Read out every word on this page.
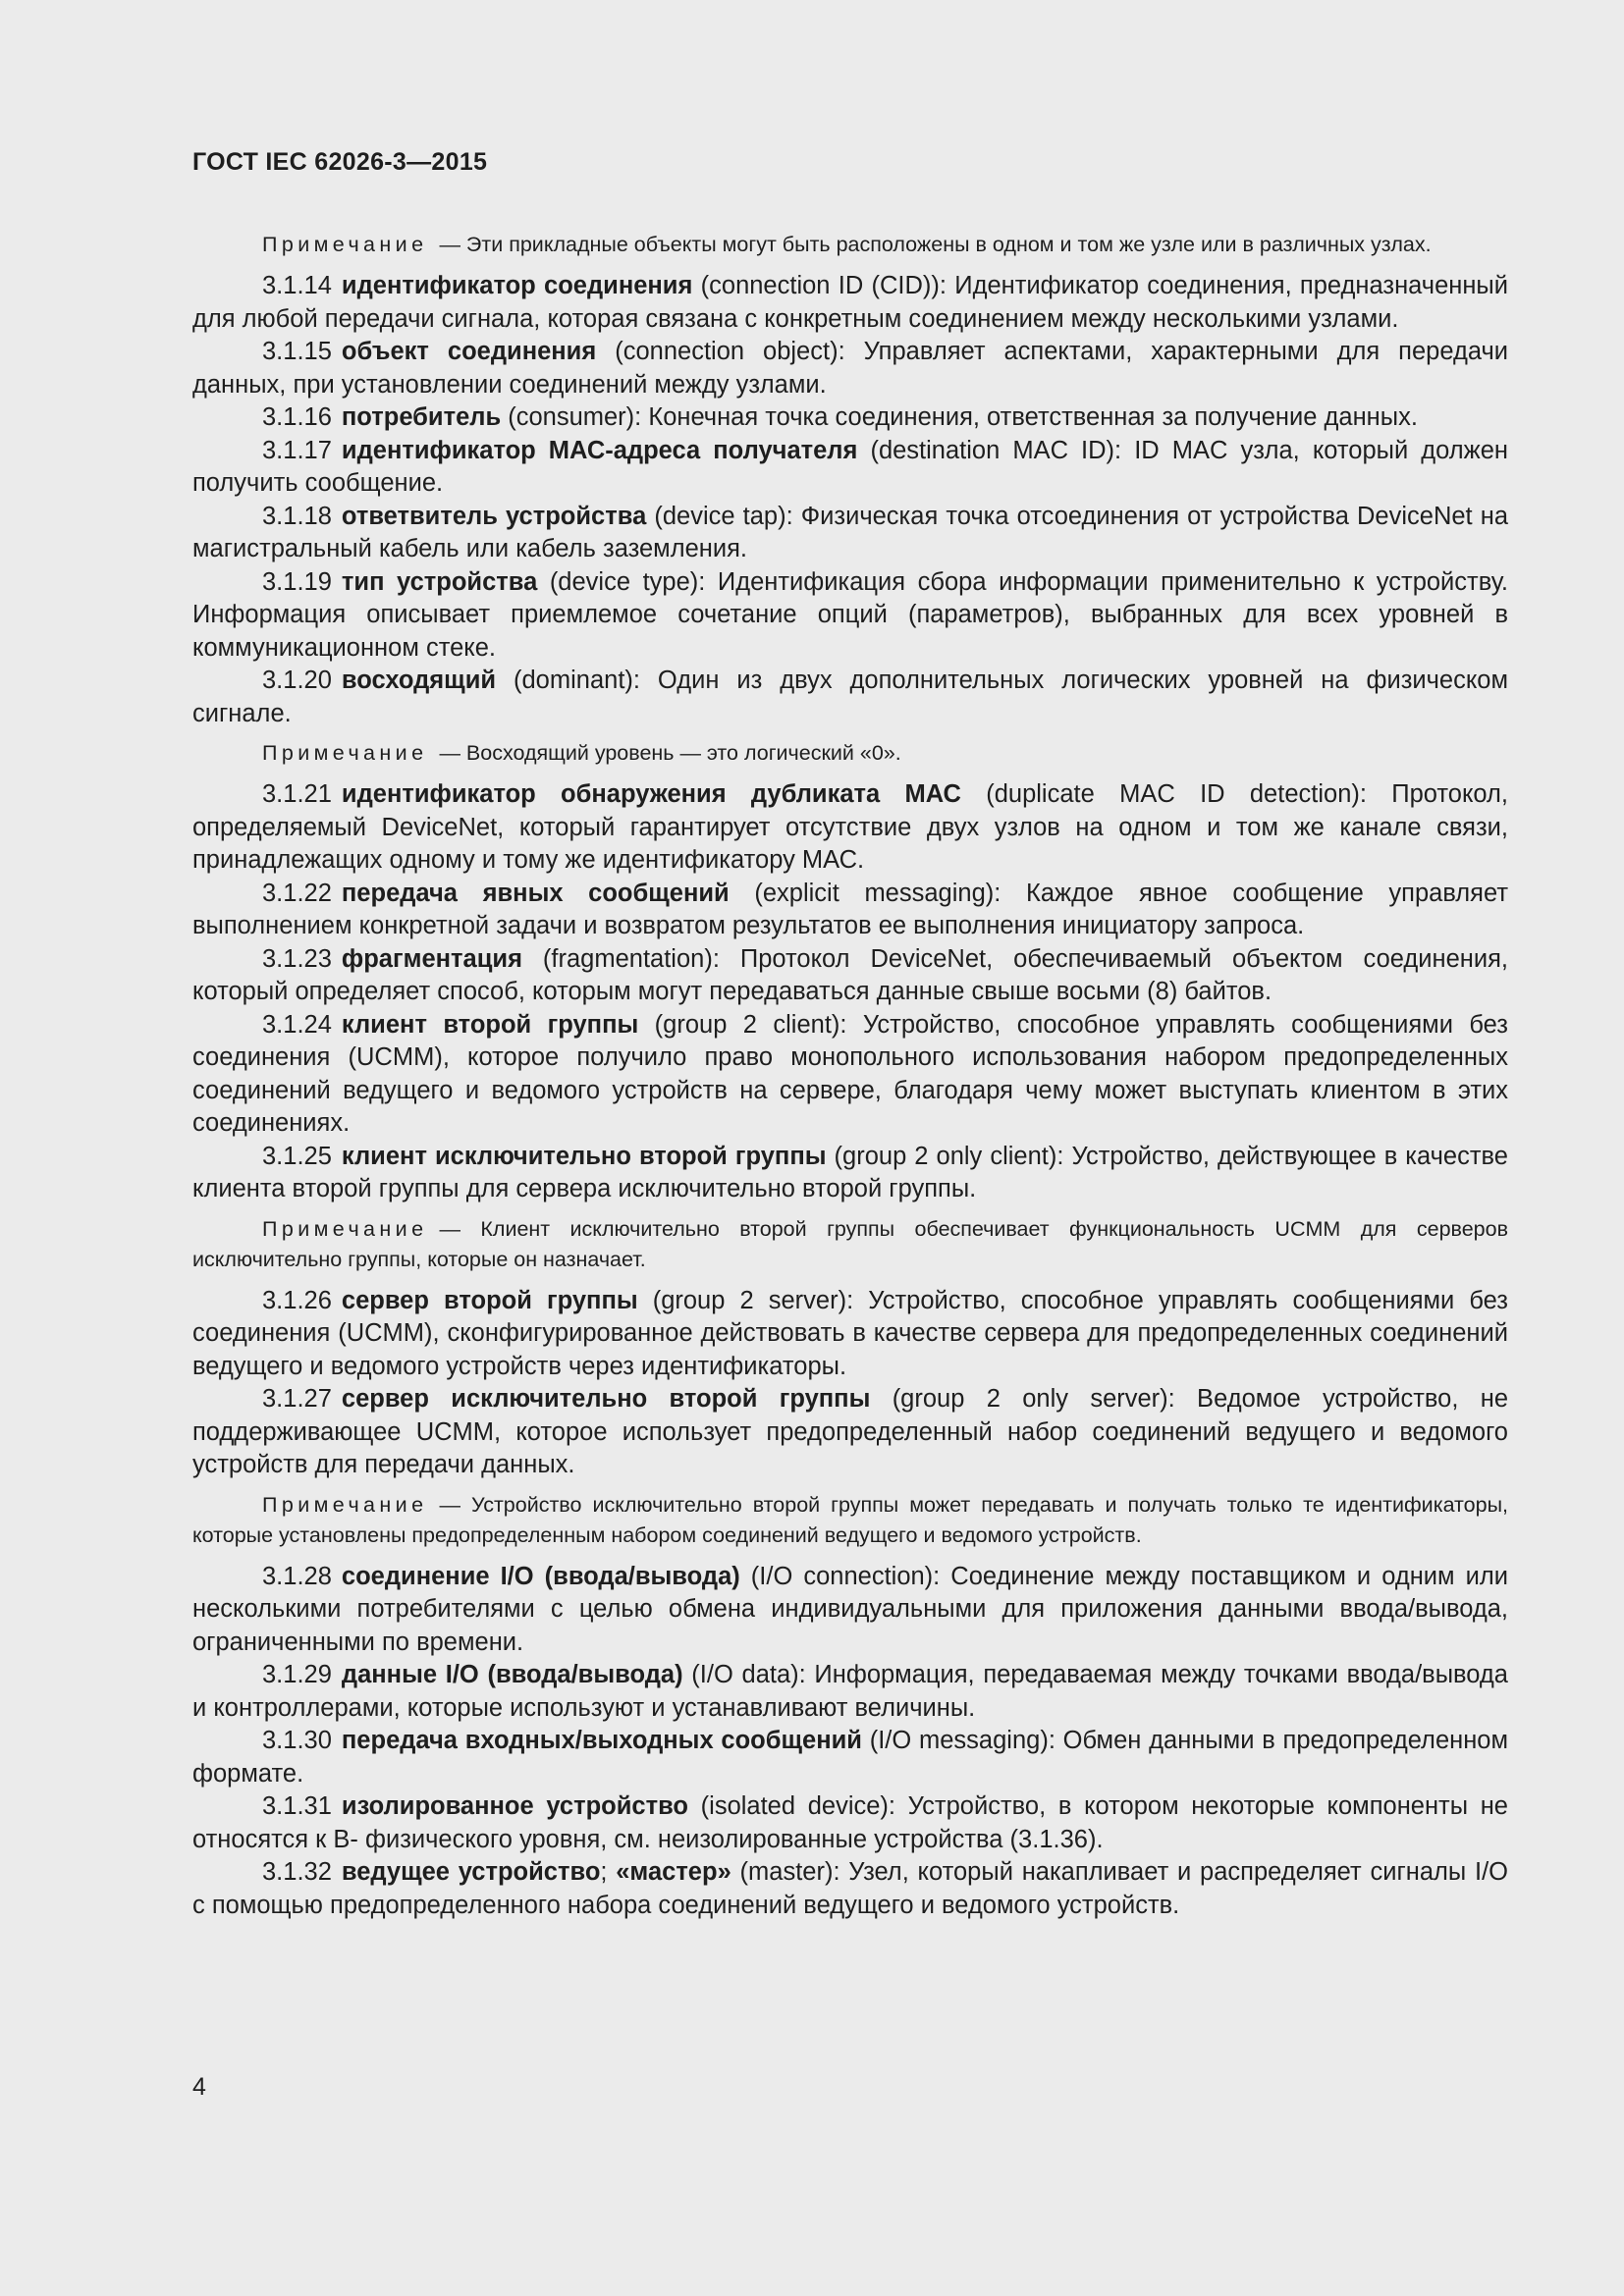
ГОСТ IEC 62026-3—2015

Примечание — Эти прикладные объекты могут быть расположены в одном и том же узле или в различных узлах.

3.1.14 идентификатор соединения (connection ID (CID)): Идентификатор соединения, предназначенный для любой передачи сигнала, которая связана с конкретным соединением между несколькими узлами.

3.1.15 объект соединения (connection object): Управляет аспектами, характерными для передачи данных, при установлении соединений между узлами.

3.1.16 потребитель (consumer): Конечная точка соединения, ответственная за получение данных.

3.1.17 идентификатор МАС-адреса получателя (destination MAC ID): ID MAC узла, который должен получить сообщение.

3.1.18 ответвитель устройства (device tap): Физическая точка отсоединения от устройства DeviceNet на магистральный кабель или кабель заземления.

3.1.19 тип устройства (device type): Идентификация сбора информации применительно к устройству. Информация описывает приемлемое сочетание опций (параметров), выбранных для всех уровней в коммуникационном стеке.

3.1.20 восходящий (dominant): Один из двух дополнительных логических уровней на физическом сигнале.

Примечание — Восходящий уровень — это логический «0».

3.1.21 идентификатор обнаружения дубликата МАС (duplicate MAC ID detection): Протокол, определяемый DeviceNet, который гарантирует отсутствие двух узлов на одном и том же канале связи, принадлежащих одному и тому же идентификатору МАС.

3.1.22 передача явных сообщений (explicit messaging): Каждое явное сообщение управляет выполнением конкретной задачи и возвратом результатов ее выполнения инициатору запроса.

3.1.23 фрагментация (fragmentation): Протокол DeviceNet, обеспечиваемый объектом соединения, который определяет способ, которым могут передаваться данные свыше восьми (8) байтов.

3.1.24 клиент второй группы (group 2 client): Устройство, способное управлять сообщениями без соединения (UCMM), которое получило право монопольного использования набором предопределенных соединений ведущего и ведомого устройств на сервере, благодаря чему может выступать клиентом в этих соединениях.

3.1.25 клиент исключительно второй группы (group 2 only client): Устройство, действующее в качестве клиента второй группы для сервера исключительно второй группы.

Примечание — Клиент исключительно второй группы обеспечивает функциональность UCMM для серверов исключительно группы, которые он назначает.

3.1.26 сервер второй группы (group 2 server): Устройство, способное управлять сообщениями без соединения (UCMM), сконфигурированное действовать в качестве сервера для предопределенных соединений ведущего и ведомого устройств через идентификаторы.

3.1.27 сервер исключительно второй группы (group 2 only server): Ведомое устройство, не поддерживающее UCMM, которое использует предопределенный набор соединений ведущего и ведомого устройств для передачи данных.

Примечание — Устройство исключительно второй группы может передавать и получать только те идентификаторы, которые установлены предопределенным набором соединений ведущего и ведомого устройств.

3.1.28 соединение I/O (ввода/вывода) (I/O connection): Соединение между поставщиком и одним или несколькими потребителями с целью обмена индивидуальными для приложения данными ввода/вывода, ограниченными по времени.

3.1.29 данные I/O (ввода/вывода) (I/O data): Информация, передаваемая между точками ввода/вывода и контроллерами, которые используют и устанавливают величины.

3.1.30 передача входных/выходных сообщений (I/O messaging): Обмен данными в предопределенном формате.

3.1.31 изолированное устройство (isolated device): Устройство, в котором некоторые компоненты не относятся к В- физического уровня, см. неизолированные устройства (3.1.36).

3.1.32 ведущее устройство; «мастер» (master): Узел, который накапливает и распределяет сигналы I/O с помощью предопределенного набора соединений ведущего и ведомого устройств.

4
